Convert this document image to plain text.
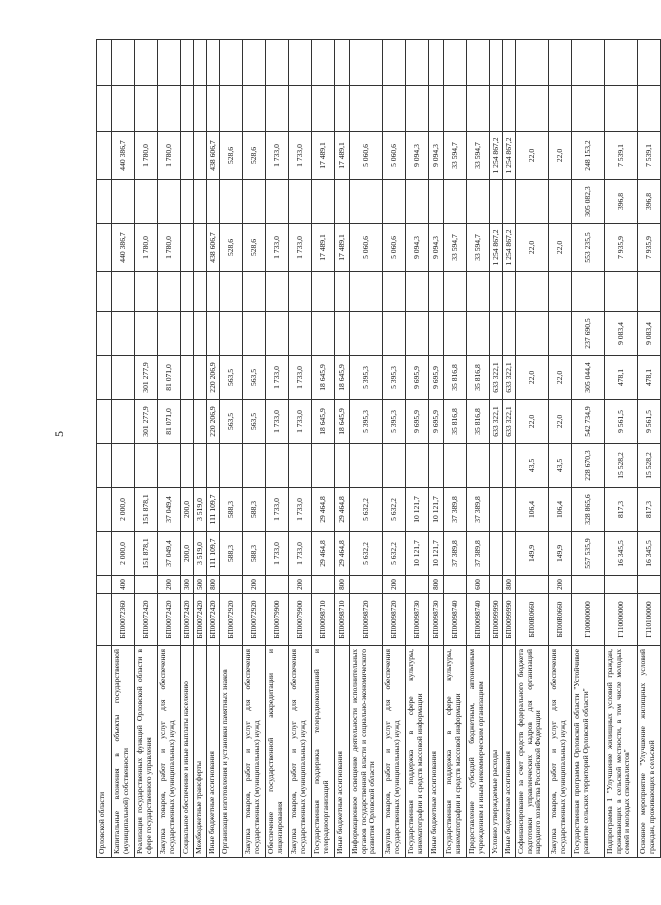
5
Орловской области														
Капитальные вложения в объекты государственной (муниципальной) собственности	БП00072360	400	2 000,0	2 000,0						440 386,7		440 386,7		
Реализация государственных функций Орловской области в сфере государственного управления	БП00072420		151 878,1	151 878,1		301 277,9	301 277,9			1 780,0		1 780,0		
Закупка товаров, работ и услуг для обеспечения государственных (муниципальных) нужд	БП00072420	200	37 049,4	37 049,4		81 071,0	81 071,0			1 780,0		1 780,0		
Социальное обеспечение и иные выплаты населению	БП00072420	300	200,0	200,0										
Межбюджетные трансферты	БП00072420	500	3 519,0	3 519,0										
Иные бюджетные ассигнования	БП00072420	800	111 109,7	111 109,7		220 206,9	220 206,9			438 606,7		438 606,7		
Организация изготовления и установки памятных знаков	БП00072920		588,3	588,3		563,5	563,5			528,6		528,6		
Закупка товаров, работ и услуг для обеспечения государственных (муниципальных) нужд	БП00072920	200	588,3	588,3		563,5	563,5			528,6		528,6		
Обеспечение государственной аккредитации и лицензирования	БП00079900		1 733,0	1 733,0		1 733,0	1 733,0			1 733,0		1 733,0		
Закупка товаров, работ и услуг для обеспечения государственных (муниципальных) нужд	БП00079900	200	1 733,0	1 733,0		1 733,0	1 733,0			1 733,0		1 733,0		
Государственная поддержка телерадиокомпаний и телерадиоорганизаций	БП00098710		29 464,8	29 464,8		18 645,9	18 645,9			17 489,1		17 489,1		
Иные бюджетные ассигнования	БП00098710	800	29 464,8	29 464,8		18 645,9	18 645,9			17 489,1		17 489,1		
Информационное освещение деятельности исполнительных органов государственной власти и социально-экономического развития Орловской области	БП00098720		5 632,2	5 632,2		5 395,3	5 395,3			5 060,6		5 060,6		
Закупка товаров, работ и услуг для обеспечения государственных (муниципальных) нужд	БП00098720	200	5 632,2	5 632,2		5 395,3	5 395,3			5 060,6		5 060,6		
Государственная поддержка в сфере культуры, кинематографии и средств массовой информации	БП00098730		10 121,7	10 121,7		9 695,9	9 695,9			9 094,3		9 094,3		
Иные бюджетные ассигнования	БП00098730	800	10 121,7	10 121,7		9 695,9	9 695,9			9 094,3		9 094,3		
Государственная поддержка в сфере культуры, кинематографии и средств массовой информации	БП00098740		37 389,8	37 389,8		35 816,8	35 816,8			33 594,7		33 594,7		
Предоставление субсидий бюджетным, автономным учреждениям и иным некоммерческим организациям	БП00098740	600	37 389,8	37 389,8		35 816,8	35 816,8			33 594,7		33 594,7		
Условно утверждаемые расходы	БП00099990					633 322,1	633 322,1			1 254 867,2		1 254 867,2		
Иные бюджетные ассигнования	БП00099990	800				633 322,1	633 322,1			1 254 867,2		1 254 867,2		
Софинансирование за счет средств федерального бюджета подготовки управленческих кадров для организаций народного хозяйства Российской Федерации	БП00R0660		149,9	106,4	43,5	22,0	22,0			22,0		22,0		
Закупка товаров, работ и услуг для обеспечения государственных (муниципальных) нужд	БП00R0660	200	149,9	106,4	43,5	22,0	22,0			22,0		22,0		
Государственная программа Орловской области "Устойчивое развитие сельских территорий Орловской области"	Г100000000		557 535,9	328 865,6	228 670,3	542 734,9	305 044,4	237 690,5		553 235,5	305 082,3	248 153,2		
Подпрограмма 1 "Улучшение жилищных условий граждан, проживающих в сельской местности, в том числе молодых семей и молодых специалистов"	Г110000000		16 345,5	817,3	15 528,2	9 561,5	478,1	9 083,4		7 935,9	396,8	7 539,1		
Основное мероприятие "Улучшение жилищных условий граждан, проживающих в сельской	Г110100000		16 345,5	817,3	15 528,2	9 561,5	478,1	9 083,4		7 935,9	396,8	7 539,1		
